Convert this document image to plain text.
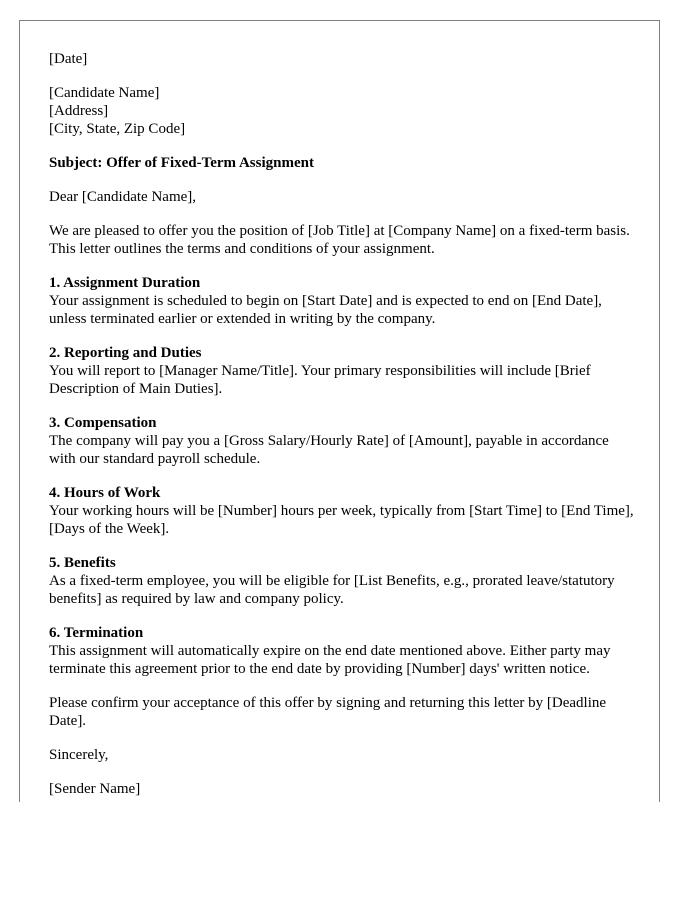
[Date]

[Candidate Name]
[Address]
[City, State, Zip Code]

Subject: Offer of Fixed-Term Assignment

Dear [Candidate Name],

We are pleased to offer you the position of [Job Title] at [Company Name] on a fixed-term basis. This letter outlines the terms and conditions of your assignment.

1. Assignment Duration
Your assignment is scheduled to begin on [Start Date] and is expected to end on [End Date], unless terminated earlier or extended in writing by the company.
2. Reporting and Duties
You will report to [Manager Name/Title]. Your primary responsibilities will include [Brief Description of Main Duties].
3. Compensation
The company will pay you a [Gross Salary/Hourly Rate] of [Amount], payable in accordance with our standard payroll schedule.
4. Hours of Work
Your working hours will be [Number] hours per week, typically from [Start Time] to [End Time], [Days of the Week].
5. Benefits
As a fixed-term employee, you will be eligible for [List Benefits, e.g., prorated leave/statutory benefits] as required by law and company policy.
6. Termination
This assignment will automatically expire on the end date mentioned above. Either party may terminate this agreement prior to the end date by providing [Number] days' written notice.

Please confirm your acceptance of this offer by signing and returning this letter by [Deadline Date].

Sincerely,

[Sender Name]
